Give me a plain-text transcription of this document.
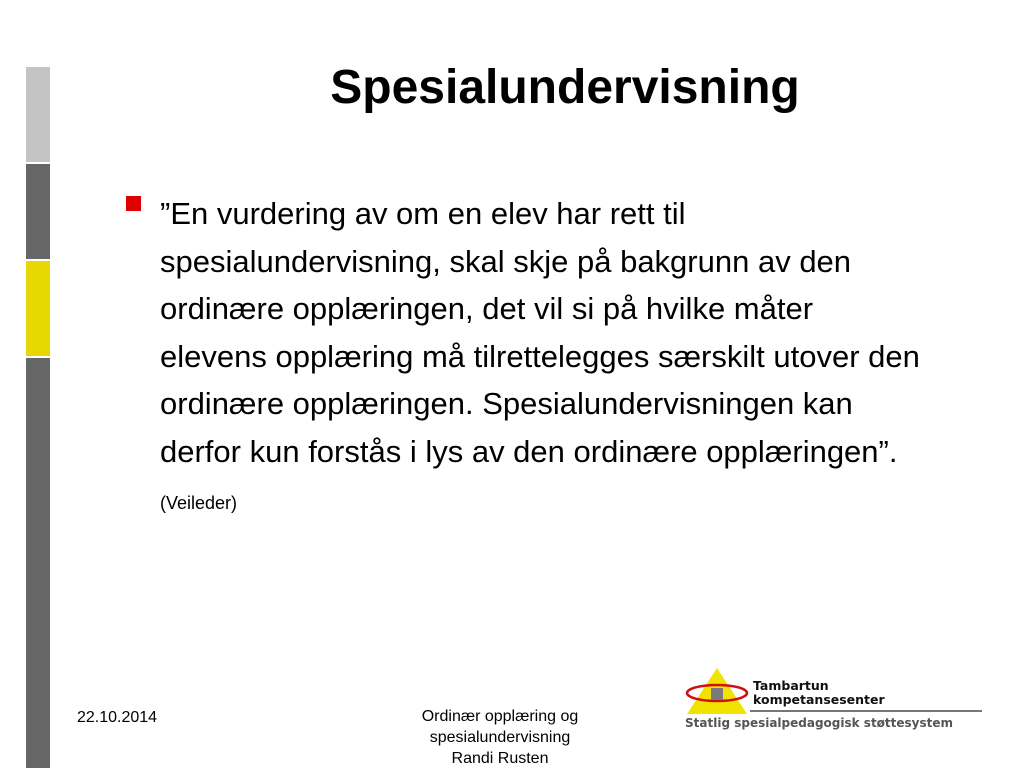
Spesialundervisning

”En vurdering av om en elev har rett til spesialundervisning, skal skje på bakgrunn av den ordinære opplæringen, det vil si på hvilke måter elevens opplæring må tilrettelegges særskilt utover den ordinære opplæringen. Spesialundervisningen kan derfor kun forstås i lys av den ordinære opplæringen”. (Veileder)

22.10.2014	Ordinær opplæring og
spesialundervisning
Randi Rusten
Tambartun
kompetansesenter
Statlig spesialpedagogisk støttesystem
